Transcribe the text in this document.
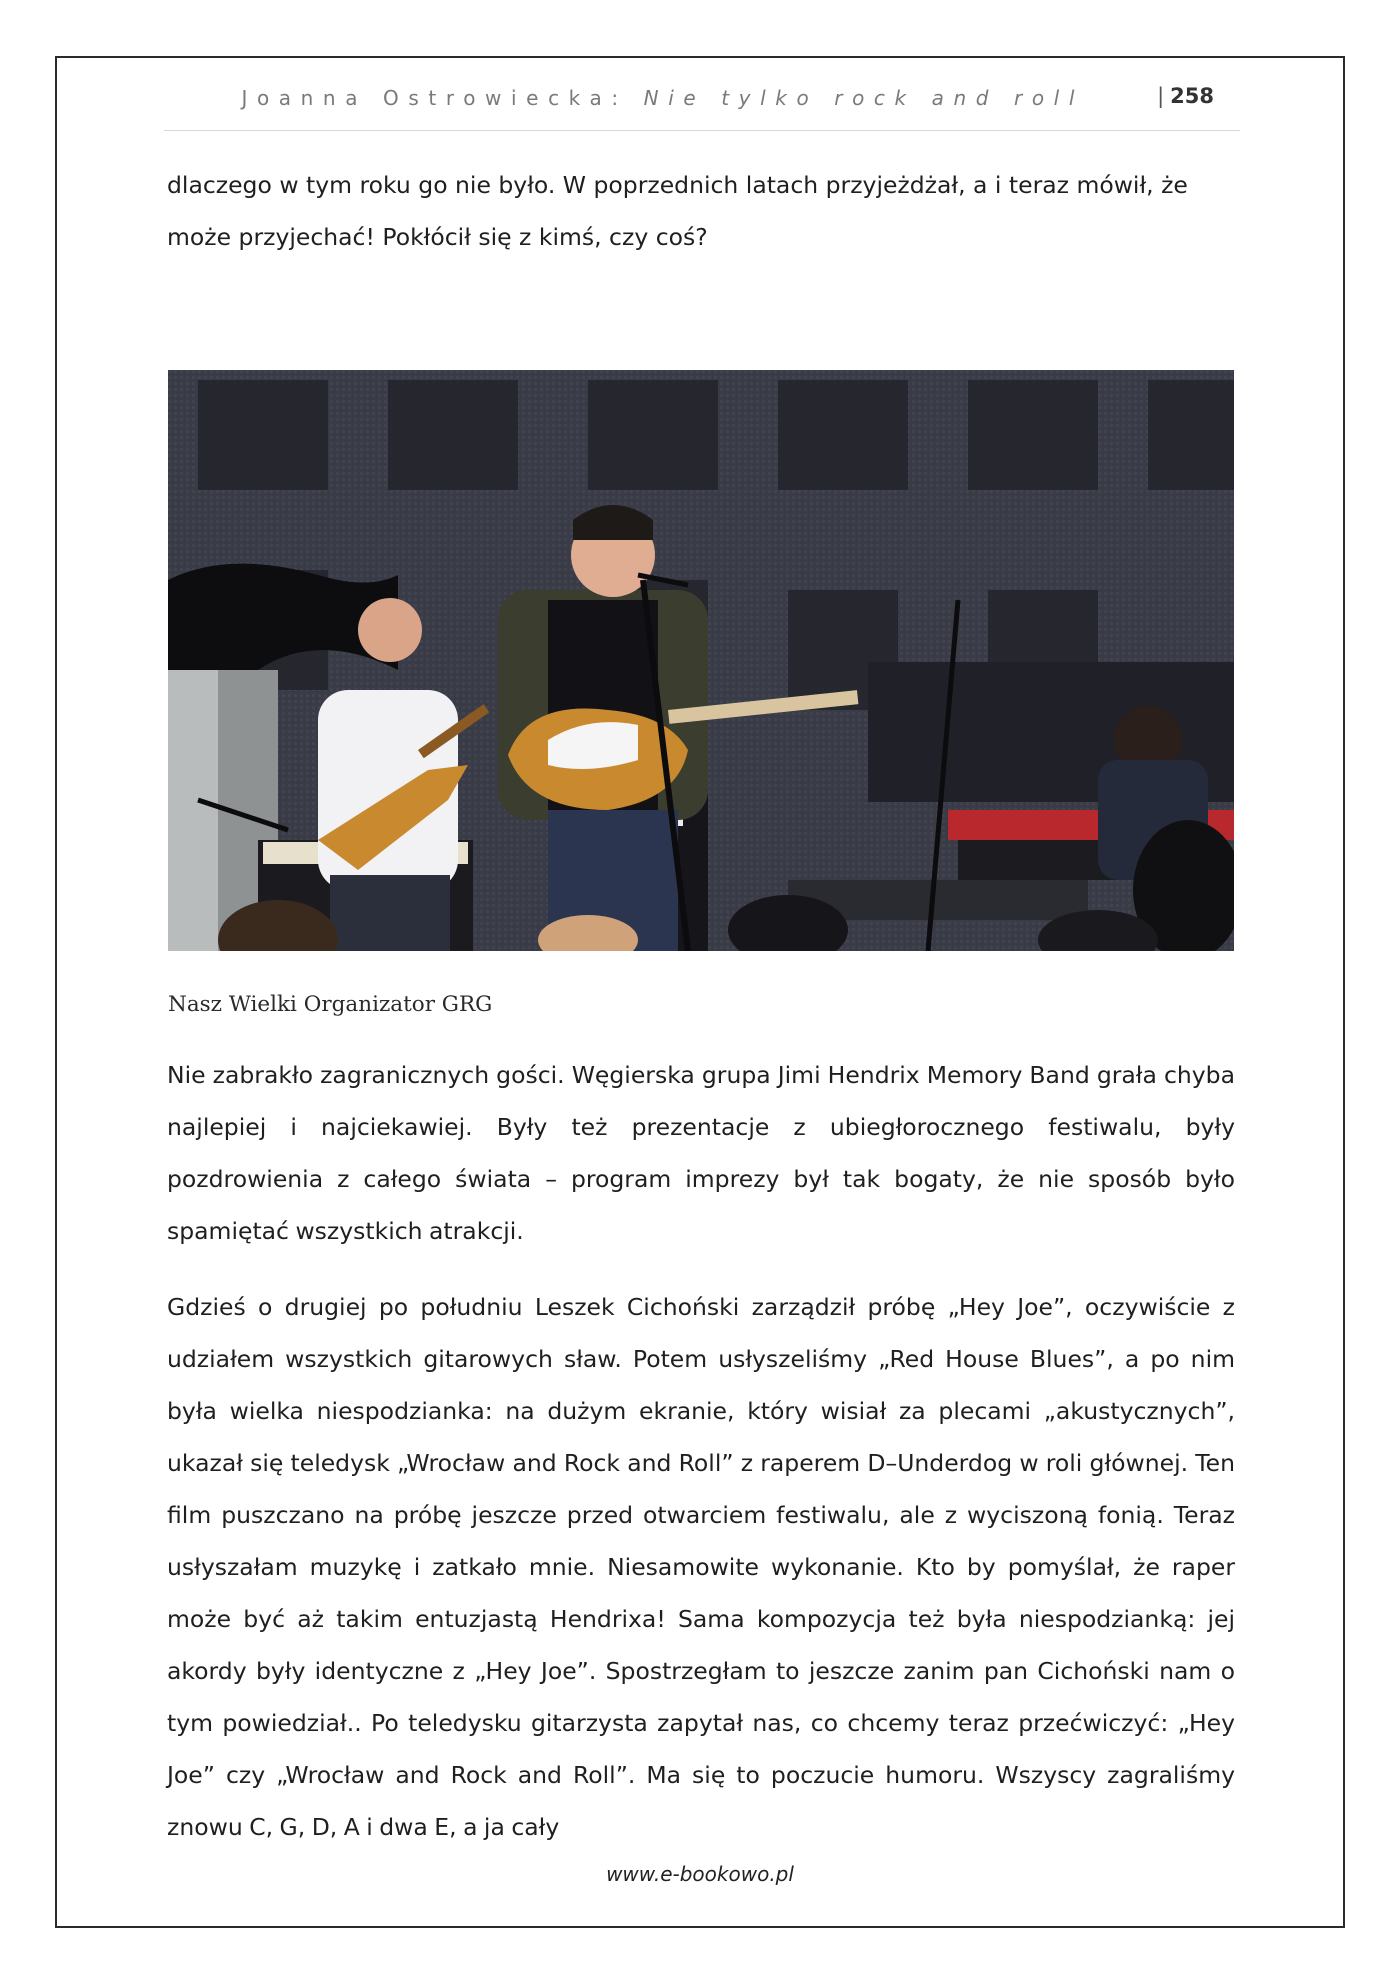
Joanna Ostrowiecka: Nie tylko rock and roll
|	258
dlaczego w tym roku go nie było. W poprzednich latach przyjeżdżał, a i teraz mówił, że może przyjechać! Pokłócił się z kimś, czy coś?
Nasz Wielki Organizator GRG
Nie zabrakło zagranicznych gości. Węgierska grupa Jimi Hendrix Memory Band grała chyba najlepiej i najciekawiej. Były też prezentacje z ubiegłorocznego festiwalu, były pozdrowienia z całego świata – program imprezy był tak bogaty, że nie sposób było spamiętać wszystkich atrakcji.
Gdzieś o drugiej po południu Leszek Cichoński zarządził próbę „Hey Joe”, oczywiście z udziałem wszystkich gitarowych sław. Potem usłyszeliśmy „Red House Blues”, a po nim była wielka niespodzianka: na dużym ekranie, który wisiał za plecami „akustycznych”, ukazał się teledysk „Wrocław and Rock and Roll” z raperem D–Underdog w roli głównej. Ten film puszczano na próbę jeszcze przed otwarciem festiwalu, ale z wyciszoną fonią. Teraz usłyszałam muzykę i zatkało mnie. Niesamowite wykonanie. Kto by pomyślał, że raper może być aż takim entuzjastą Hendrixa! Sama kompozycja też była niespodzianką: jej akordy były identyczne z „Hey Joe”. Spostrzegłam to jeszcze zanim pan Cichoński nam o tym powiedział.. Po teledysku gitarzysta zapytał nas, co chcemy teraz przećwiczyć: „Hey Joe” czy „Wrocław and Rock and Roll”. Ma się to poczucie humoru. Wszyscy zagraliśmy znowu C, G, D, A i dwa E, a ja cały
www.e-bookowo.pl
